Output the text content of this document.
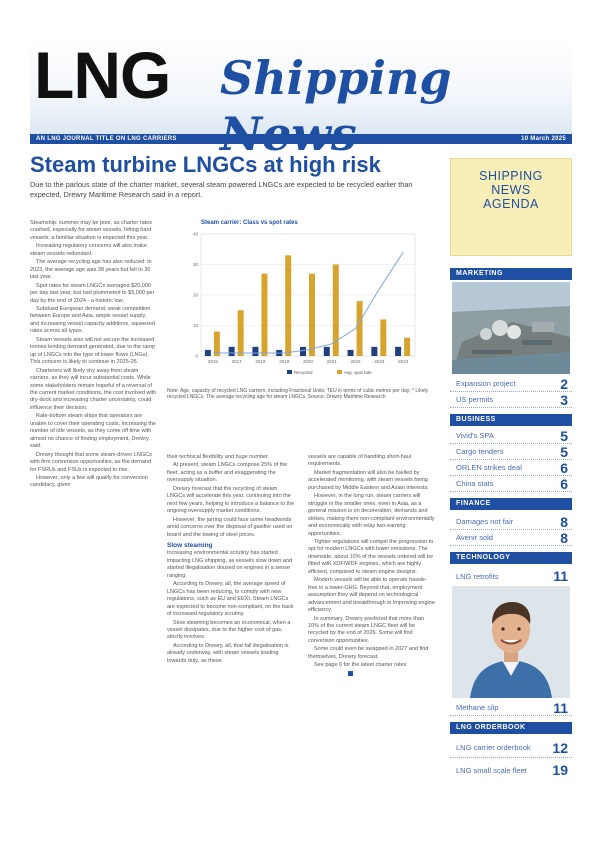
LNG Shipping
AN LNG JOURNAL TITLE ON LNG CARRIERS	10 March 2025
Steam turbine LNGCs at high risk
Due to the parlous state of the charter market, several steam powered LNGCs are expected to be recycled earlier than expected, Drewry Maritime Research said in a report.

Steamship: summer may be poor, as charter rates crashed, especially for steam vessels, hitting hard vessels; a familiar situation is expected this year.

Increasing regulatory concerns will also make steam vessels redundant.

The average recycling age has also reduced: in 2023, the average age was 38 years but fell to 30 last year.

Spot rates for steam LNGCs averaged $20,000 per day last year, but had plummeted to $5,000 per day by the end of 2024 - a historic low.

Subdued European demand, weak competition between Europe and Asia, ample vessel supply, and increasing vessel capacity additions, squeezed rates across all types.

Steam vessels also will not secure the increased tonnes lending demand generated, due to the ramp up of LNGCs into the type of lower flows (LNGs). This concern is likely to continue in 2025-26.

Charterers will likely shy away from steam carriers, as they will incur substantial costs. While some stakeholders remain hopeful of a reversal of the current market conditions, the cost involved with dry-dock and increasing charter uncertainty, could influence their decision.

Rate-bottom steam ships that operators are unable to cover their operating costs, increasing the number of idle vessels, as they come off time with almost no chance of finding employment, Drewry said.

Drewry thought that some steam-driven LNGCs with firm conversion opportunities, as the demand for FSRUs and FSUs is expected to rise.

However, only a few will qualify for conversion candidacy, given

Steam carrier: Class vs spot rates
0
10
20
30
40
2016	2017	2018	2019	2020	2021	2022	2023	2024
Recycled	Avg. spot rate
Note: Age, capacity of recycled LNG carriers, including Fractional Units; TEU in terms of cubic metres per day; * Likely recycled LNGCs. The average recycling age for steam LNGCs. Source: Drewry Maritime Research

their technical flexibility and huge number.

At present, steam LNGCs comprise 25% of the fleet, acting as a buffer and exaggerating the oversupply situation.

Drewry forecast that the recycling of steam LNGCs will accelerate this year, continuing into the next few years, helping to introduce a balance to the ongoing oversupply market conditions.

However, the jarring could face some headwinds amid concerns over the disposal of gasifier used on board and the towing of steel prices.

Slow steaming

Increasing environmental scrutiny has started impacting LNG shipping, as vessels slow down and started illegalisation doused on engines in a sense ranging.

According to Drewry, all, the average speed of LNGCs has been reducing, to comply with new regulations, such as EU and EEXI. Steam LNGCs are expected to become non-compliant, on the back of increased regulatory scrutiny.

Slow steaming becomes an economical, when a vessel dissipates, due to the higher cost of gas, strictly involves.

According to Drewry, all, that fall illegalisation is already underway, with steam vessels leading towards duty, as these

vessels are capable of handling short-haul requirements.

Market fragmentation will also be fuelled by accelerated monitoring, with steam vessels being purchased by Middle Eastern and Asian interests.

However, in the long run, steam carriers will struggle in the smaller ones, even in Asia, as a general mission is on deceleration, demands and strikes, making them non-compliant environmentally and economically with relay two-earning opportunities.

Tighter regulations will compel the progression to opt for modern LNGCs with lower emissions. The downside, about 10% of the vessels ordered will be fitted with XDF/WDF engines, which are highly efficient, compared to steam engine designs.

Modern vessels will be able to operate hassle-free in a lower-GHG. Beyond that, employment assumption they will depend on technological advancement and breakthrough in improving engine efficiency.

In summary, Drewry predicted that more than 10% of the current steam LNGC fleet will be recycled by the end of 2026. Some will find conversion opportunities.

Some could even be swapped in 2027 and find themselves, Drewry forecast.

See page 6 for the latest charter rates

SHIPPING
NEWS
AGENDA
MARKETING
Expansion project	2
US permits	3
BUSINESS
Vivid's SPA	5
Cargo tenders	5
ORLEN strikes deal	6
China stats	6
FINANCE
Damages not fair	8
Avenir sold	8
TECHNOLOGY
LNG retrofits	11
Methane slip	11
LNG ORDERBOOK
LNG carrier orderbook 12
LNG small scale fleet 19
